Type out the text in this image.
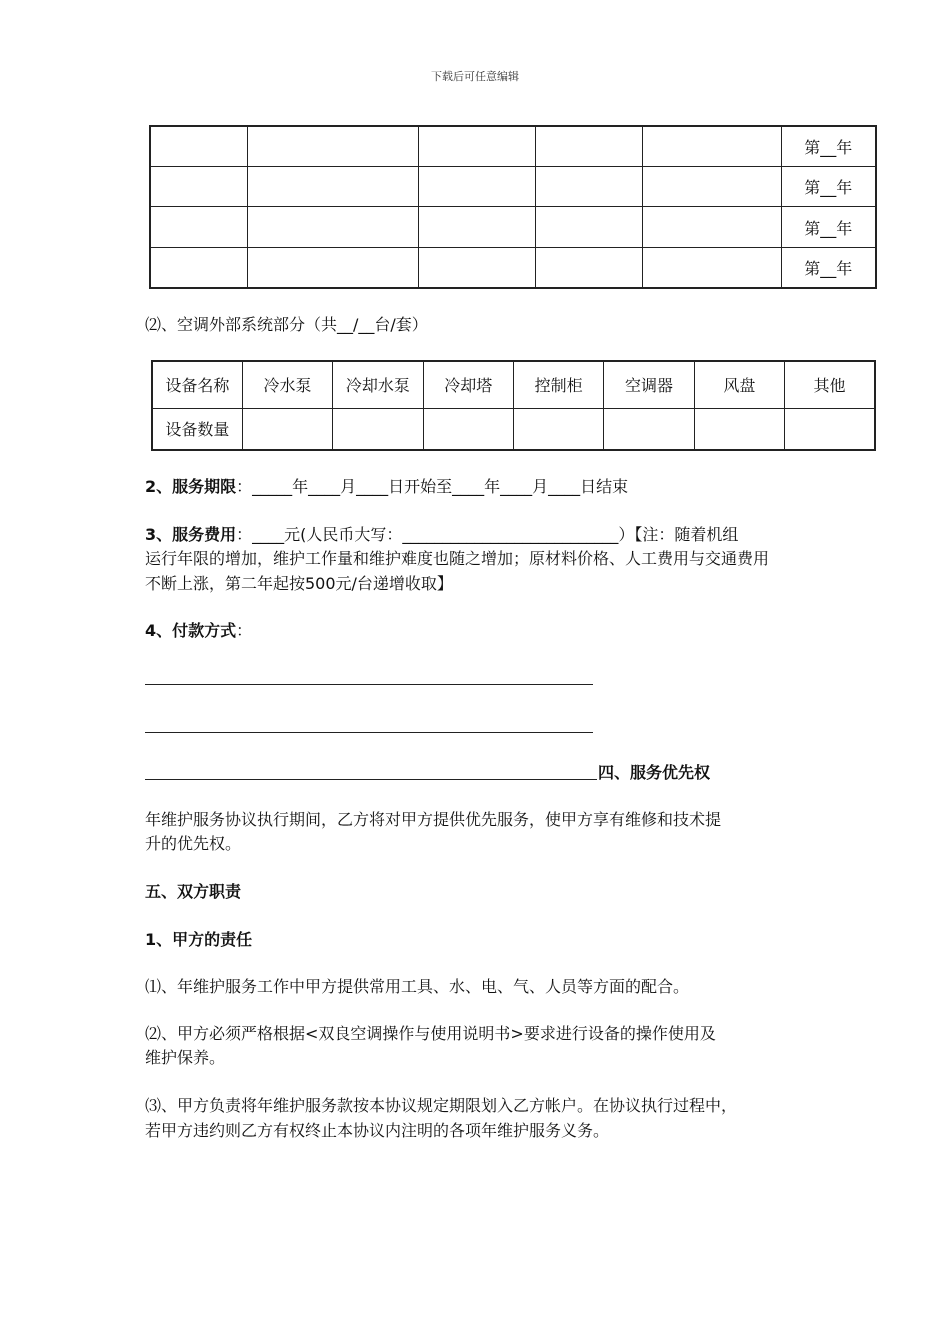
下载后可任意编辑
					第__年
					第__年
					第__年
					第__年
⑵、空调外部系统部分（共__/__台/套）
设备名称	冷水泵	冷却水泵	冷却塔	控制柜	空调器	风盘	其他
设备数量							
2、服务期限：_____年____月____日开始至____年____月____日结束
3、服务费用：____元(人民币大写：___________________________）【注：随着机组
运行年限的增加，维护工作量和维护难度也随之增加；原材料价格、人工费用与交通费用
不断上涨，第二年起按500元/台递增收取】
4、付款方式：
四、服务优先权
年维护服务协议执行期间，乙方将对甲方提供优先服务，使甲方享有维修和技术提
升的优先权。
五、双方职责
1、甲方的责任
⑴、年维护服务工作中甲方提供常用工具、水、电、气、人员等方面的配合。
⑵、甲方必须严格根据<双良空调操作与使用说明书>要求进行设备的操作使用及
维护保养。
⑶、甲方负责将年维护服务款按本协议规定期限划入乙方帐户。在协议执行过程中，
若甲方违约则乙方有权终止本协议内注明的各项年维护服务义务。
